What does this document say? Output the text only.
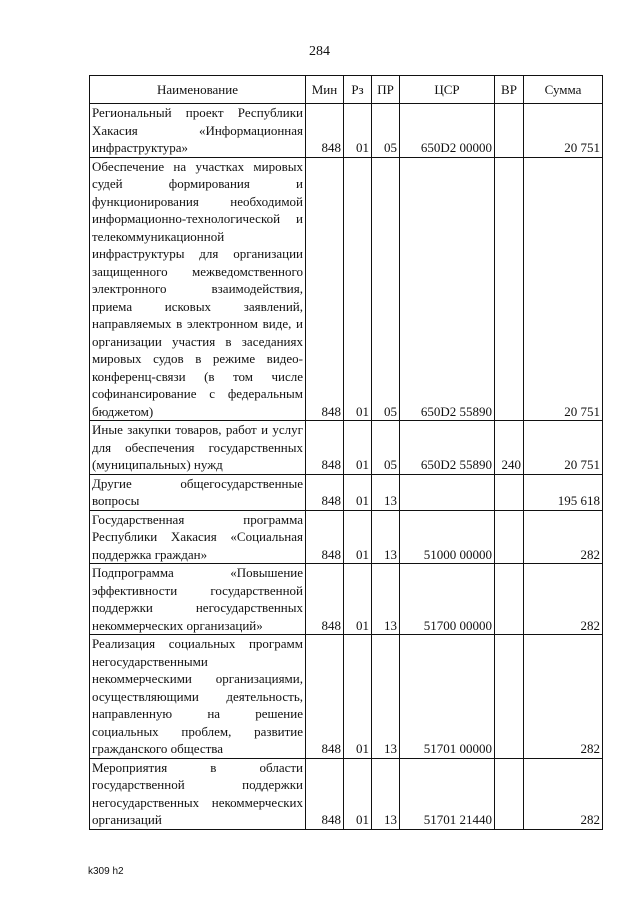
284
Наименование	Мин	Рз	ПР	ЦСР	ВР	Сумма
Региональный проект Республики Хакасия «Информационная инфраструктура»	848	01	05	650D2 00000		20 751
Обеспечение на участках мировых судей формирования и функционирования необходимой информационно-технологической и телекоммуникационной инфраструктуры для организации защищенного межведомственного электронного взаимодействия, приема исковых заявлений, направляемых в электронном виде, и организации участия в заседаниях мировых судов в режиме видео-конференц-связи (в том числе софинансирование с федеральным бюджетом)	848	01	05	650D2 55890		20 751
Иные закупки товаров, работ и услуг для обеспечения государственных (муниципальных) нужд	848	01	05	650D2 55890	240	20 751
Другие общегосударственные вопросы	848	01	13			195 618
Государственная программа Республики Хакасия «Социальная поддержка граждан»	848	01	13	51000 00000		282
Подпрограмма «Повышение эффективности государственной поддержки негосударственных некоммерческих организаций»	848	01	13	51700 00000		282
Реализация социальных программ негосударственными некоммерческими организациями, осуществляющими деятельность, направленную на решение социальных проблем, развитие гражданского общества	848	01	13	51701 00000		282
Мероприятия в области государственной поддержки негосударственных некоммерческих организаций	848	01	13	51701 21440		282
k309 h2
